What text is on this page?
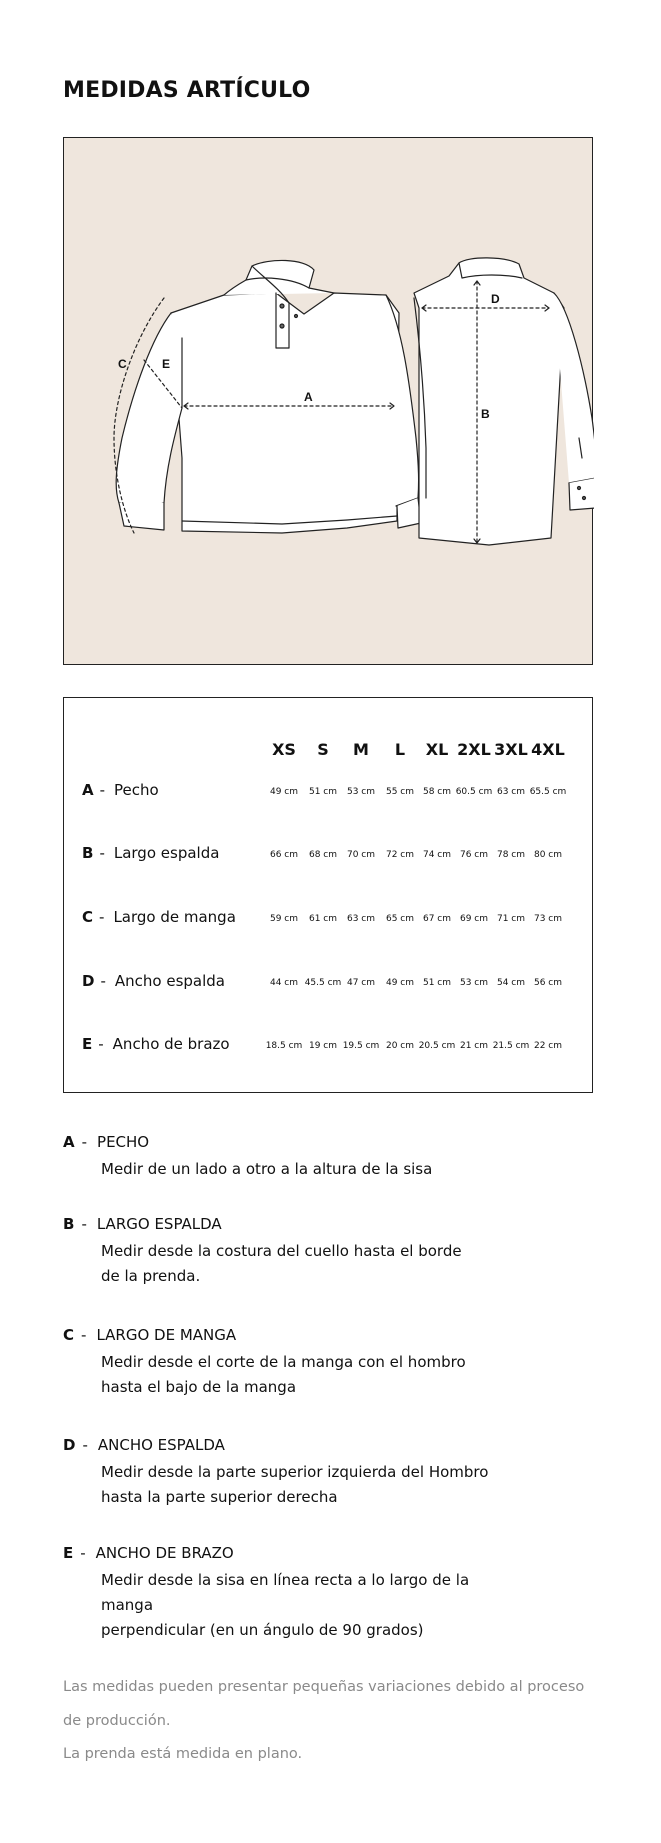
MEDIDAS ARTÍCULO
A
D
B
C	E
XS S M L XL 2XL 3XL 4XL
A - Pecho	49 cm 51 cm 53 cm 55 cm 58 cm 60.5 cm 63 cm 65.5 cm
B - Largo espalda	66 cm 68 cm 70 cm 72 cm 74 cm 76 cm 78 cm 80 cm
C - Largo de manga	59 cm 61 cm 63 cm 65 cm 67 cm 69 cm 71 cm 73 cm
D - Ancho espalda	44 cm 45.5 cm 47 cm 49 cm 51 cm 53 cm 54 cm 56 cm
E - Ancho de brazo	18.5 cm 19 cm 19.5 cm 20 cm 20.5 cm 21 cm 21.5 cm 22 cm
A - PECHO
Medir de un lado a otro a la altura de la sisa
B - LARGO ESPALDA
Medir desde la costura del cuello hasta el borde
de la prenda.
C - LARGO DE MANGA
Medir desde el corte de la manga con el hombro
hasta el bajo de la manga
D - ANCHO ESPALDA
Medir desde la parte superior izquierda del Hombro
hasta la parte superior derecha
E - ANCHO DE BRAZO
Medir desde la sisa en línea recta a lo largo de la manga
perpendicular (en un ángulo de 90 grados)
Las medidas pueden presentar pequeñas variaciones debido al proceso
de producción.
La prenda está medida en plano.
